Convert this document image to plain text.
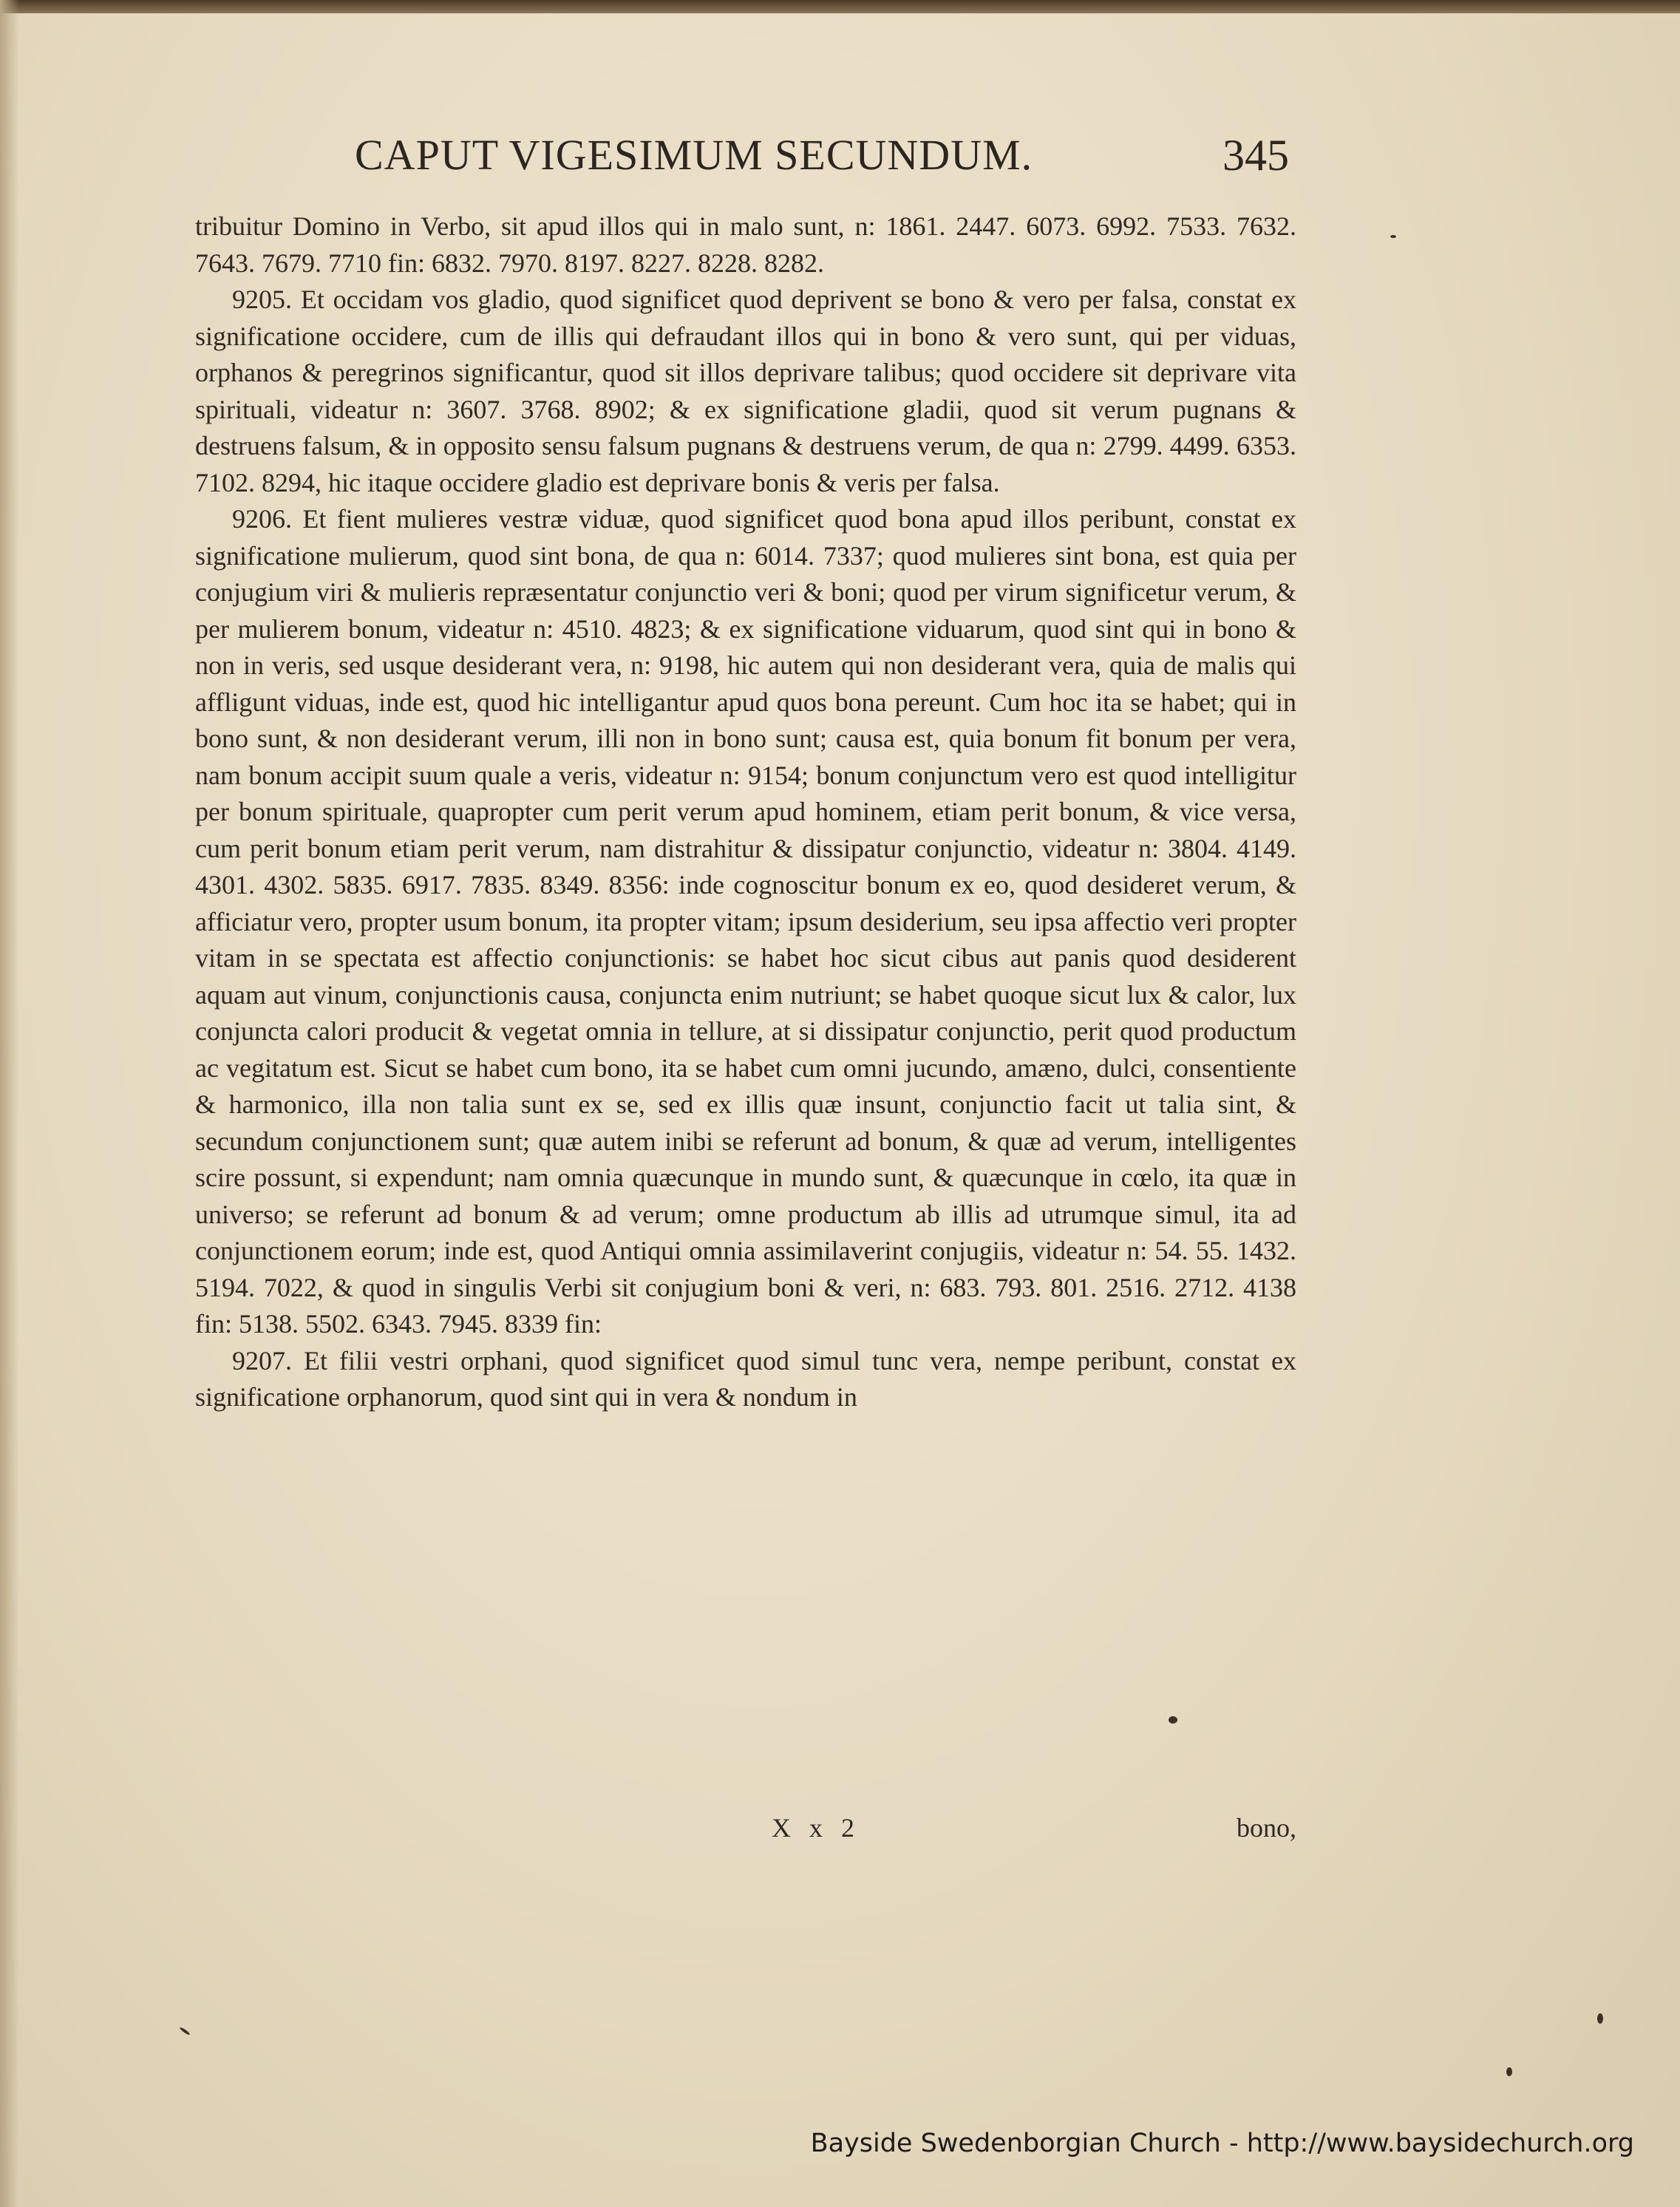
CAPUT VIGESIMUM SECUNDUM.	345

tribuitur Domino in Verbo, sit apud illos qui in malo sunt, n: 1861. 2447. 6073. 6992. 7533. 7632. 7643. 7679. 7710 fin: 6832. 7970. 8197. 8227. 8228. 8282.

9205. Et occidam vos gladio, quod significet quod deprivent se bono & vero per falsa, constat ex significatione occidere, cum de illis qui defraudant illos qui in bono & vero sunt, qui per viduas, orphanos & peregrinos significantur, quod sit illos deprivare talibus; quod occidere sit deprivare vita spirituali, videatur n: 3607. 3768. 8902; & ex significatione gladii, quod sit verum pugnans & destruens falsum, & in opposito sensu falsum pugnans & destruens verum, de qua n: 2799. 4499. 6353. 7102. 8294, hic itaque occidere gladio est deprivare bonis & veris per falsa.

9206. Et fient mulieres vestræ viduæ, quod significet quod bona apud illos peribunt, constat ex significatione mulierum, quod sint bona, de qua n: 6014. 7337; quod mulieres sint bona, est quia per conjugium viri & mulieris repræsentatur conjunctio veri & boni; quod per virum significetur verum, & per mulierem bonum, videatur n: 4510. 4823; & ex significatione viduarum, quod sint qui in bono & non in veris, sed usque desiderant vera, n: 9198, hic autem qui non desiderant vera, quia de malis qui affligunt viduas, inde est, quod hic intelligantur apud quos bona pereunt. Cum hoc ita se habet; qui in bono sunt, & non desiderant verum, illi non in bono sunt; causa est, quia bonum fit bonum per vera, nam bonum accipit suum quale a veris, videatur n: 9154; bonum conjunctum vero est quod intelligitur per bonum spirituale, quapropter cum perit verum apud hominem, etiam perit bonum, & vice versa, cum perit bonum etiam perit verum, nam distrahitur & dissipatur conjunctio, videatur n: 3804. 4149. 4301. 4302. 5835. 6917. 7835. 8349. 8356: inde cognoscitur bonum ex eo, quod desideret verum, & afficiatur vero, propter usum bonum, ita propter vitam; ipsum desiderium, seu ipsa affectio veri propter vitam in se spectata est affectio conjunctionis: se habet hoc sicut cibus aut panis quod desiderent aquam aut vinum, conjunctionis causa, conjuncta enim nutriunt; se habet quoque sicut lux & calor, lux conjuncta calori producit & vegetat omnia in tellure, at si dissipatur conjunctio, perit quod productum ac vegitatum est. Sicut se habet cum bono, ita se habet cum omni jucundo, amæno, dulci, consentiente & harmonico, illa non talia sunt ex se, sed ex illis quæ insunt, conjunctio facit ut talia sint, & secundum conjunctionem sunt; quæ autem inibi se referunt ad bonum, & quæ ad verum, intelligentes scire possunt, si expendunt; nam omnia quæcunque in mundo sunt, & quæcunque in cœlo, ita quæ in universo; se referunt ad bonum & ad verum; omne productum ab illis ad utrumque simul, ita ad conjunctionem eorum; inde est, quod Antiqui omnia assimilaverint conjugiis, videatur n: 54. 55. 1432. 5194. 7022, & quod in singulis Verbi sit conjugium boni & veri, n: 683. 793. 801. 2516. 2712. 4138 fin: 5138. 5502. 6343. 7945. 8339 fin:

9207. Et filii vestri orphani, quod significet quod simul tunc vera, nempe peribunt, constat ex significatione orphanorum, quod sint qui in vera & nondum in

X x 2	bono,
Bayside Swedenborgian Church - http://www.baysidechurch.org
